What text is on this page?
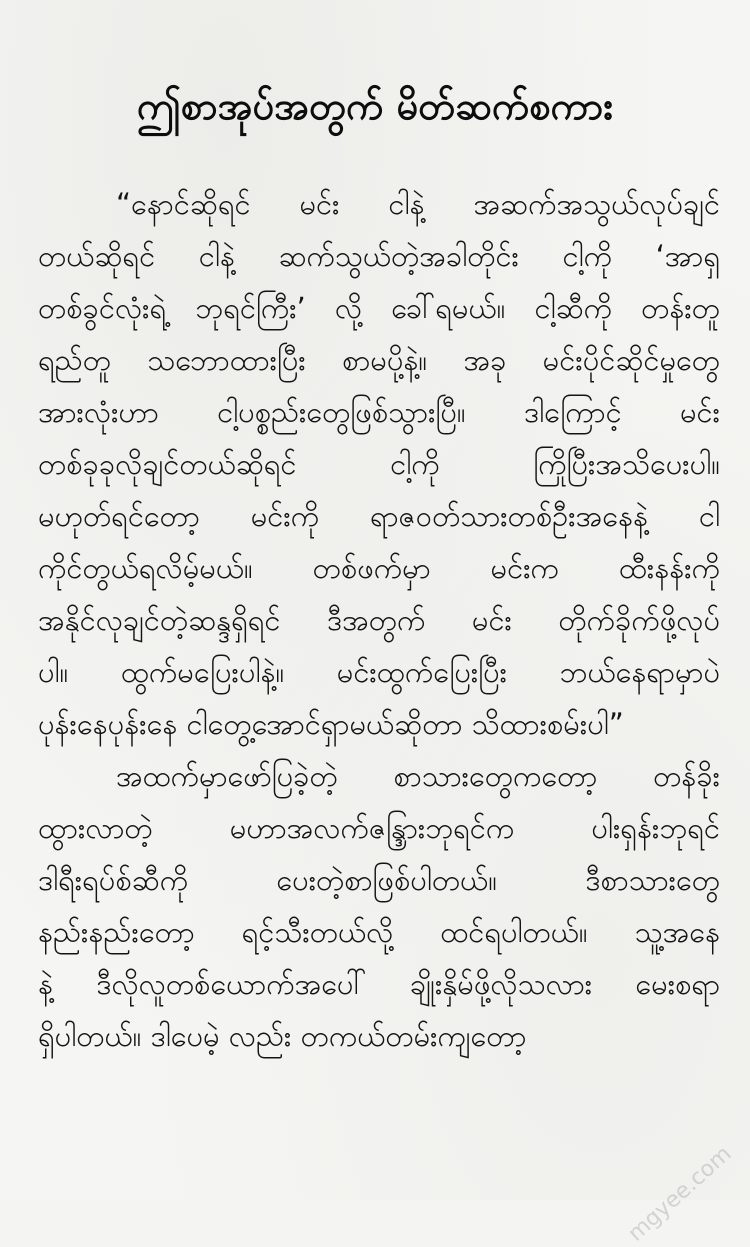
ဤစာအုပ်အတွက် မိတ်ဆက်စကား
“နောင်ဆိုရင် မင်း ငါနဲ့ အဆက်အသွယ်လုပ်ချင်
တယ်ဆိုရင် ငါနဲ့ ဆက်သွယ်တဲ့အခါတိုင်း ငါ့ကို ‘အာရှ
တစ်ခွင်လုံးရဲ့ ဘုရင်ကြီး’ လို့ ခေါ်ရမယ်။ ငါ့ဆီကို တန်းတူ
ရည်တူ သဘောထားပြီး စာမပို့နဲ့။ အခု မင်းပိုင်ဆိုင်မှုတွေ
အားလုံးဟာ ငါ့ပစ္စည်းတွေဖြစ်သွားပြီ။ ဒါကြောင့် မင်း
တစ်ခုခုလိုချင်တယ်ဆိုရင် ငါ့ကို ကြိုပြီးအသိပေးပါ။
မဟုတ်ရင်တော့ မင်းကို ရာဇဝတ်သားတစ်ဦးအနေနဲ့ ငါ
ကိုင်တွယ်ရလိမ့်မယ်။ တစ်ဖက်မှာ မင်းက ထီးနန်းကို
အနိုင်လုချင်တဲ့ဆန္ဒရှိရင် ဒီအတွက် မင်း တိုက်ခိုက်ဖို့လုပ်
ပါ။ ထွက်မပြေးပါနဲ့။ မင်းထွက်ပြေးပြီး ဘယ်နေရာမှာပဲ
ပုန်းနေပုန်းနေ ငါတွေ့အောင်ရှာမယ်ဆိုတာ သိထားစမ်းပါ”
အထက်မှာဖော်ပြခဲ့တဲ့ စာသားတွေကတော့ တန်ခိုး
ထွားလာတဲ့ မဟာအလက်ဇန္ဒြားဘုရင်က ပါးရှန်းဘုရင်
ဒါရီးရပ်စ်ဆီကို ပေးတဲ့စာဖြစ်ပါတယ်။ ဒီစာသားတွေ
နည်းနည်းတော့ ရင့်သီးတယ်လို့ ထင်ရပါတယ်။ သူ့အနေ
နဲ့ ဒီလိုလူတစ်ယောက်အပေါ် ချိုးနှိမ်ဖို့လိုသလား မေးစရာ
ရှိပါတယ်။ ဒါပေမဲ့ လည်း တကယ်တမ်းကျတော့
mgyee.com
